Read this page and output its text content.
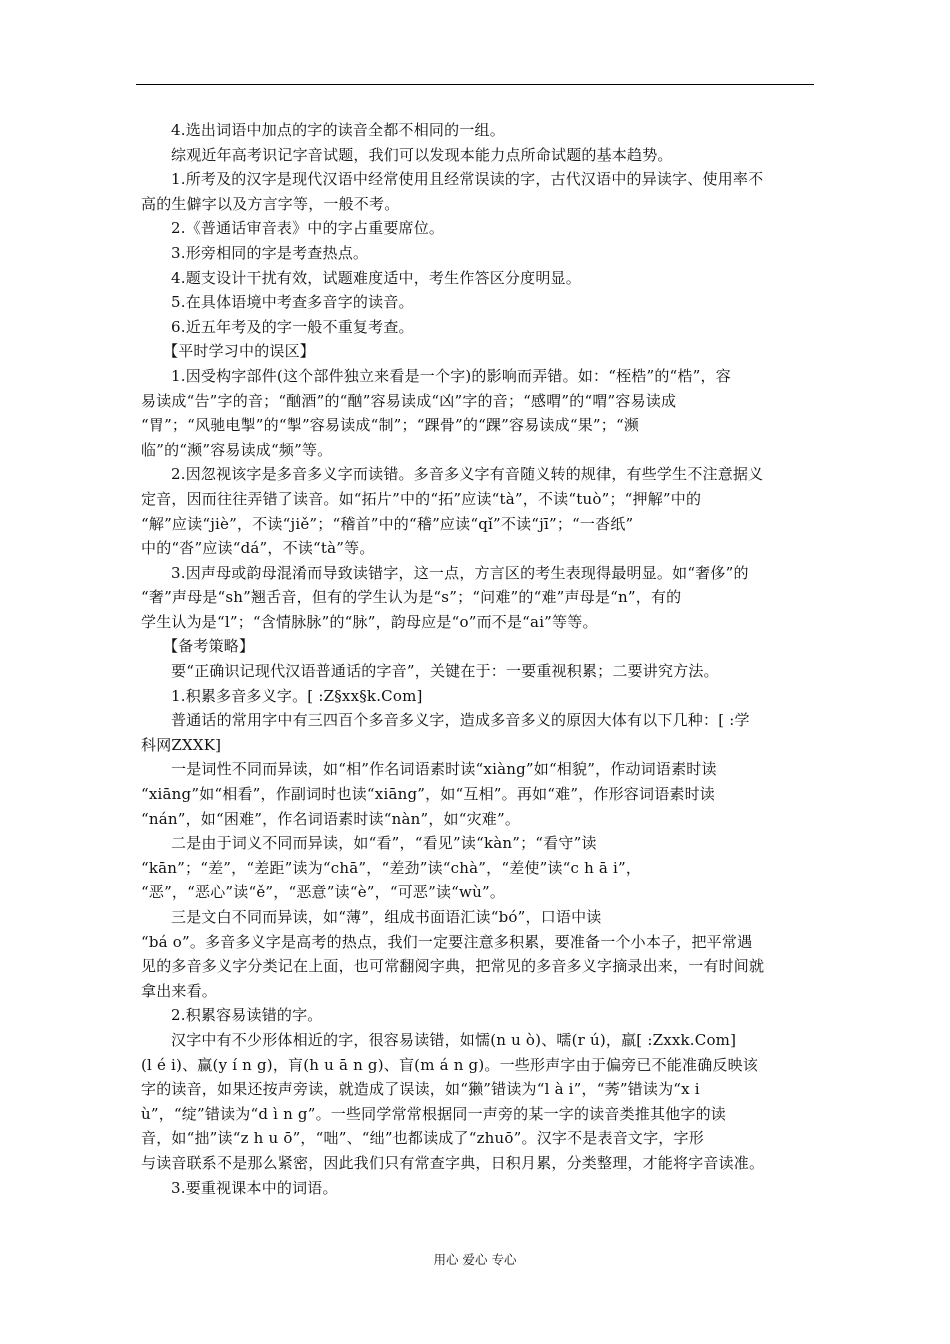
4.选出词语中加点的字的读音全都不相同的一组。
综观近年高考识记字音试题，我们可以发现本能力点所命试题的基本趋势。
1.所考及的汉字是现代汉语中经常使用且经常误读的字，古代汉语中的异读字、使用率不
高的生僻字以及方言字等，一般不考。
2.《普通话审音表》中的字占重要席位。
3.形旁相同的字是考查热点。
4.题支设计干扰有效，试题难度适中，考生作答区分度明显。
5.在具体语境中考查多音字的读音。
6.近五年考及的字一般不重复考查。
【平时学习中的误区】
1.因受构字部件(这个部件独立来看是一个字)的影响而弄错。如：“桎梏”的“梏”，容
易读成“告”字的音；“酗酒”的“酗”容易读成“凶”字的音；“感喟”的“喟”容易读成
“胃”；“风驰电掣”的“掣”容易读成“制”；“踝骨”的“踝”容易读成“果”；“濒
临”的“濒”容易读成“频”等。
2.因忽视该字是多音多义字而读错。多音多义字有音随义转的规律，有些学生不注意据义
定音，因而往往弄错了读音。如“拓片”中的“拓”应读“tà”，不读“tuò”；“押解”中的
“解”应读“jiè”，不读“jiě”；“稽首”中的“稽”应读“qǐ”不读“jī”；“一沓纸”
中的“沓”应读“dá”，不读“tà”等。
3.因声母或韵母混淆而导致读错字，这一点，方言区的考生表现得最明显。如“奢侈”的
“奢”声母是“sh”翘舌音，但有的学生认为是“s”；“问难”的“难”声母是“n”，有的
学生认为是“l”；“含情脉脉”的“脉”，韵母应是“o”而不是“ai”等等。
【备考策略】
要“正确识记现代汉语普通话的字音”，关键在于：一要重视积累；二要讲究方法。
1.积累多音多义字。[ :Z§xx§k.Com]
普通话的常用字中有三四百个多音多义字，造成多音多义的原因大体有以下几种：[ :学
科网ZXXK]
一是词性不同而异读，如“相”作名词语素时读“xiàng”如“相貌”，作动词语素时读
“xiāng”如“相看”，作副词时也读“xiāng”，如“互相”。再如“难”，作形容词语素时读
“nán”，如“困难”，作名词语素时读“nàn”，如“灾难”。
二是由于词义不同而异读，如“看”，“看见”读“kàn”；“看守”读
“kān”；“差”，“差距”读为“chā”，“差劲”读“chà”，“差使”读“c h ā i”，
“恶”，“恶心”读“ě”，“恶意”读“è”，“可恶”读“wù”。
三是文白不同而异读，如“薄”，组成书面语汇读“bó”，口语中读
“bá o”。多音多义字是高考的热点，我们一定要注意多积累，要准备一个小本子，把平常遇
见的多音多义字分类记在上面，也可常翻阅字典，把常见的多音多义字摘录出来，一有时间就
拿出来看。
2.积累容易读错的字。
汉字中有不少形体相近的字，很容易读错，如懦(n u ò)、嚅(r ú)，羸[ :Zxxk.Com]
(l é i)、赢(y í n g)，肓(h u ā n g)、盲(m á n g)。一些形声字由于偏旁已不能准确反映该
字的读音，如果还按声旁读，就造成了误读，如“獭”错读为“l à i”，“莠”错读为“x i
ù”，“绽”错读为“d ì n g”。一些同学常常根据同一声旁的某一字的读音类推其他字的读
音，如“拙”读“z h u ō”，“咄”、“绌”也都读成了“zhuō”。汉字不是表音文字，字形
与读音联系不是那么紧密，因此我们只有常查字典，日积月累，分类整理，才能将字音读准。
3.要重视课本中的词语。
用心 爱心 专心
